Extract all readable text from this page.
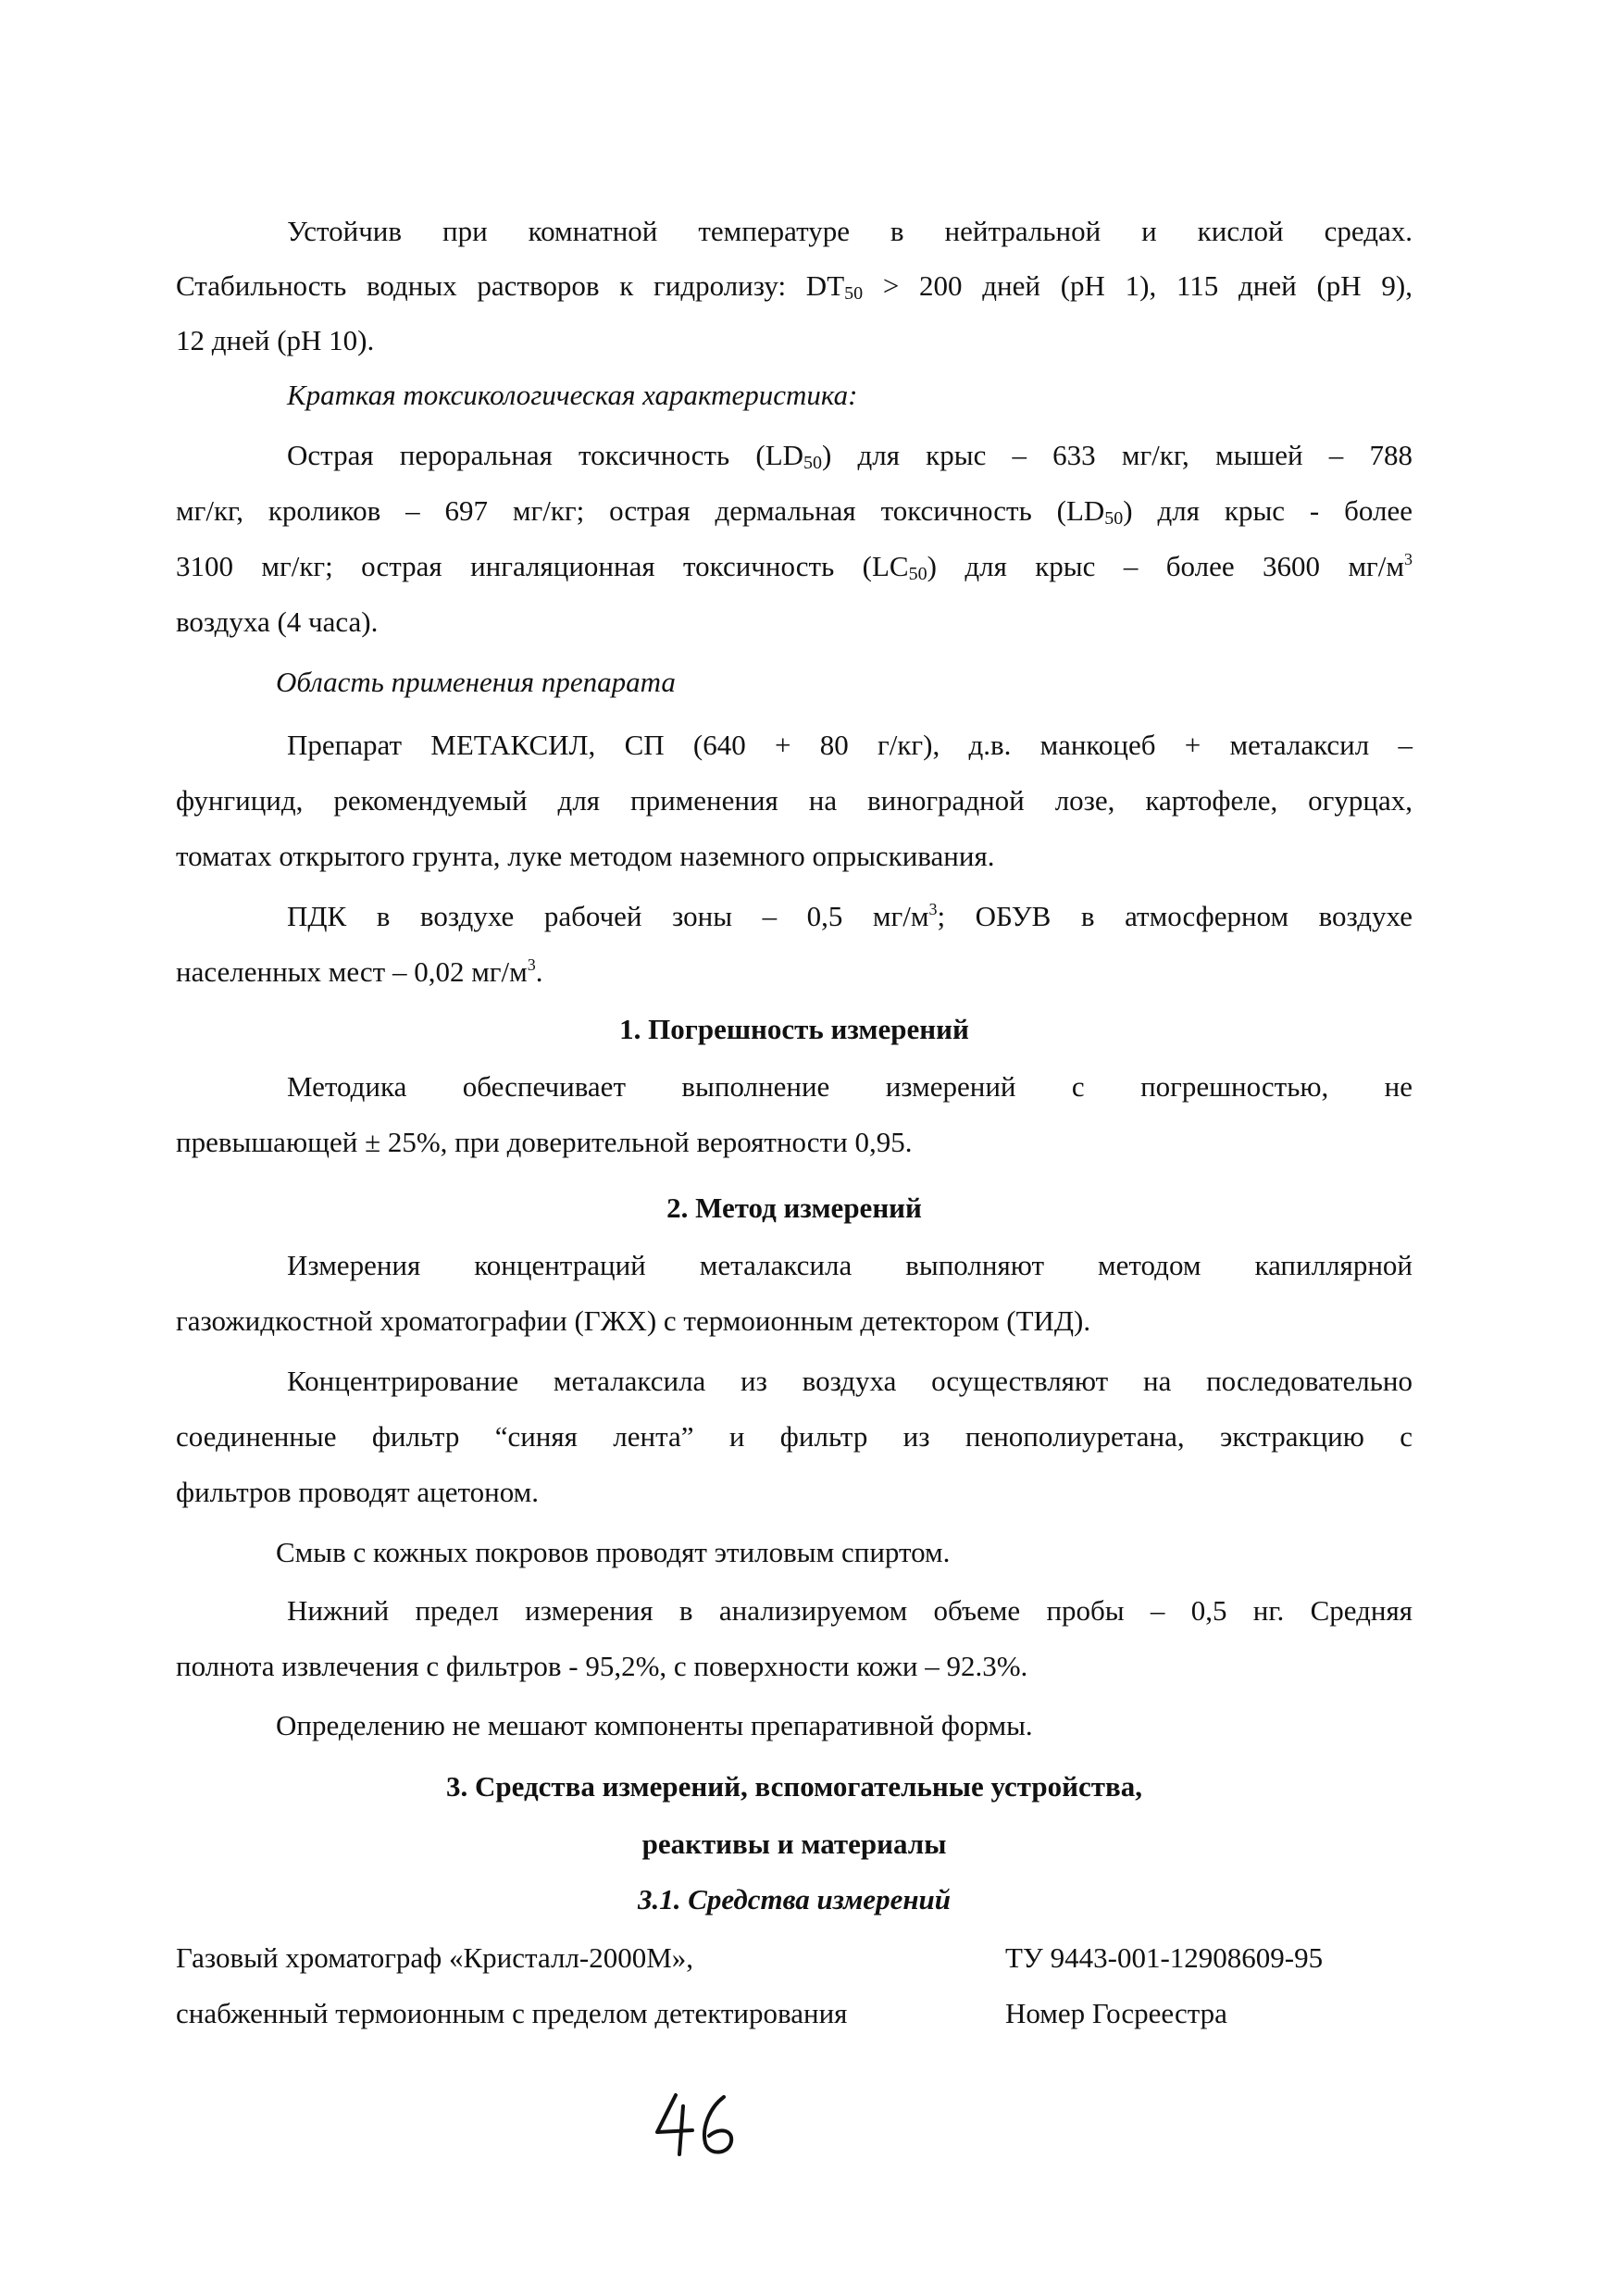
Устойчив при комнатной температуре в нейтральной и кислой средах.
Стабильность водных растворов к гидролизу: $DT_{50} > 200$ дней (pH 1), 115 дней (pH 9),
12 дней (pH 10).
Краткая токсикологическая характеристика:
Острая пероральная токсичность $(LD_{50})$ для крыс – 633 мг/кг, мышей – 788
мг/кг, кроликов – 697 мг/кг; острая дермальная токсичность $(LD_{50})$ для крыс - более
3100 мг/кг; острая ингаляционная токсичность $(LC_{50})$ для крыс – более 3600 $мг/м^3$
воздуха (4 часа).
Область применения препарата
Препарат МЕТАКСИЛ, СП (640 + 80 г/кг), д.в. манкоцеб + металаксил –
фунгицид, рекомендуемый для применения на виноградной лозе, картофеле, огурцах,
томатах открытого грунта, луке методом наземного опрыскивания.
ПДК в воздухе рабочей зоны – 0,5 $мг/м^3$; ОБУВ в атмосферном воздухе
населенных мест – 0,02 $мг/м^3$.
1. Погрешность измерений
Методика обеспечивает выполнение измерений с погрешностью, не
превышающей ± 25%, при доверительной вероятности 0,95.
2. Метод измерений
Измерения концентраций металаксила выполняют методом капиллярной
газожидкостной хроматографии (ГЖХ) с термоионным детектором (ТИД).
Концентрирование металаксила из воздуха осуществляют на последовательно
соединенные фильтр “синяя лента” и фильтр из пенополиуретана, экстракцию с
фильтров проводят ацетоном.
Смыв с кожных покровов проводят этиловым спиртом.
Нижний предел измерения в анализируемом объеме пробы – 0,5 нг. Средняя
полнота извлечения с фильтров - 95,2%, с поверхности кожи – 92.3%.
Определению не мешают компоненты препаративной формы.
3. Средства измерений, вспомогательные устройства,
реактивы и материалы
3.1. Средства измерений
Газовый хроматограф «Кристалл-2000М»,	ТУ 9443-001-12908609-95
снабженный термоионным с пределом детектирования	Номер Госреестра
